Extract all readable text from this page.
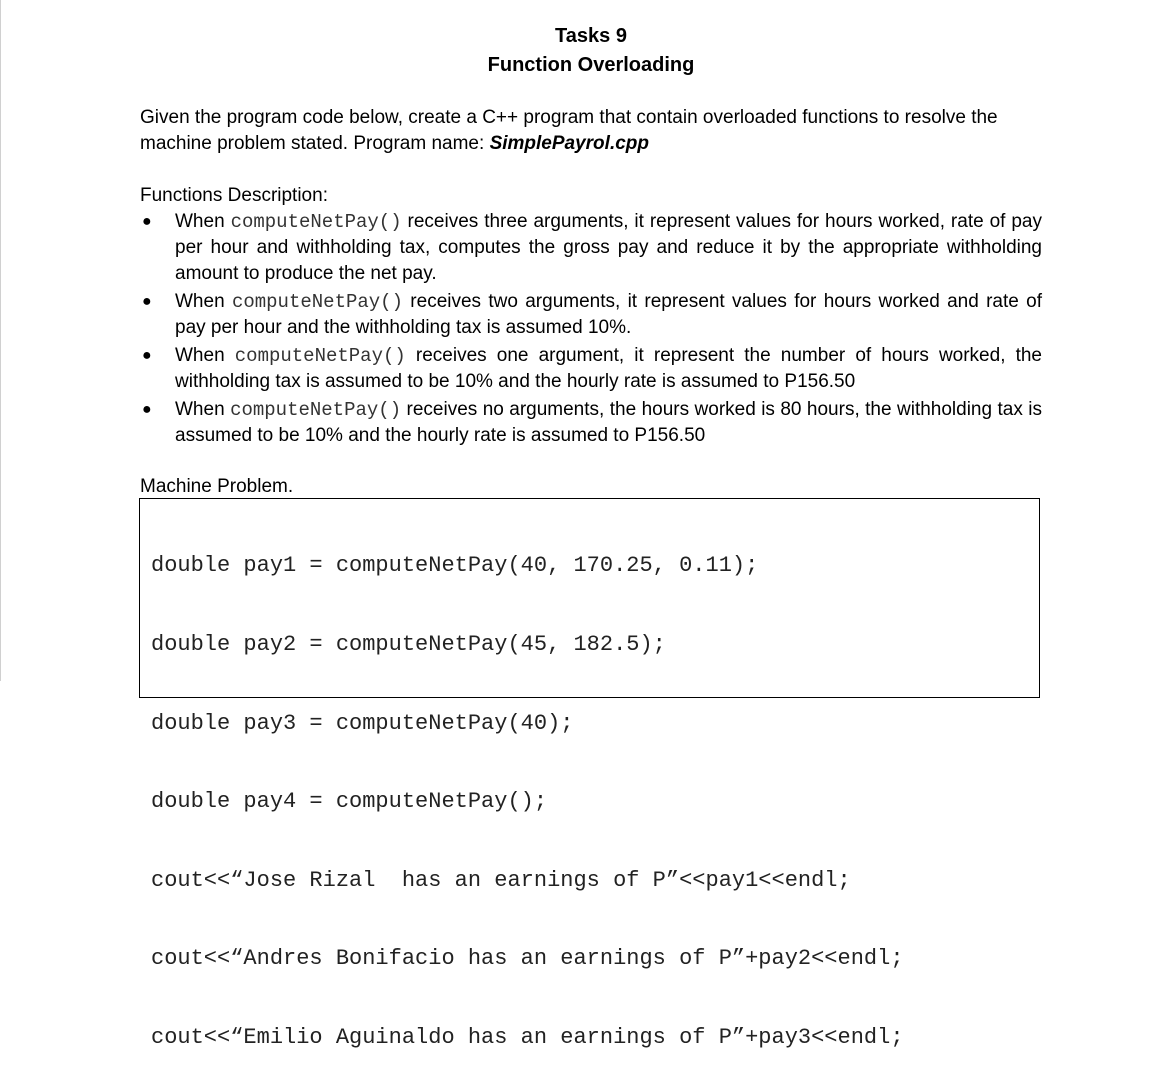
Tasks 9
Function Overloading
Given the program code below, create a C++ program that contain overloaded functions to resolve the machine problem stated. Program name: SimplePayrol.cpp
Functions Description:
● When computeNetPay() receives three arguments, it represent values for hours worked, rate of pay per hour and withholding tax, computes the gross pay and reduce it by the appropriate withholding amount to produce the net pay.
● When computeNetPay() receives two arguments, it represent values for hours worked and rate of pay per hour and the withholding tax is assumed 10%.
● When computeNetPay() receives one argument, it represent the number of hours worked, the withholding tax is assumed to be 10% and the hourly rate is assumed to P156.50
● When computeNetPay() receives no arguments, the hours worked is 80 hours, the withholding tax is assumed to be 10% and the hourly rate is assumed to P156.50
Machine Problem.

double pay1 = computeNetPay(40, 170.25, 0.11);

double pay2 = computeNetPay(45, 182.5);

double pay3 = computeNetPay(40);

double pay4 = computeNetPay();

cout<<“Jose Rizal  has an earnings of P”<<pay1<<endl;

cout<<“Andres Bonifacio has an earnings of P”+pay2<<endl;

cout<<“Emilio Aguinaldo has an earnings of P”+pay3<<endl;
